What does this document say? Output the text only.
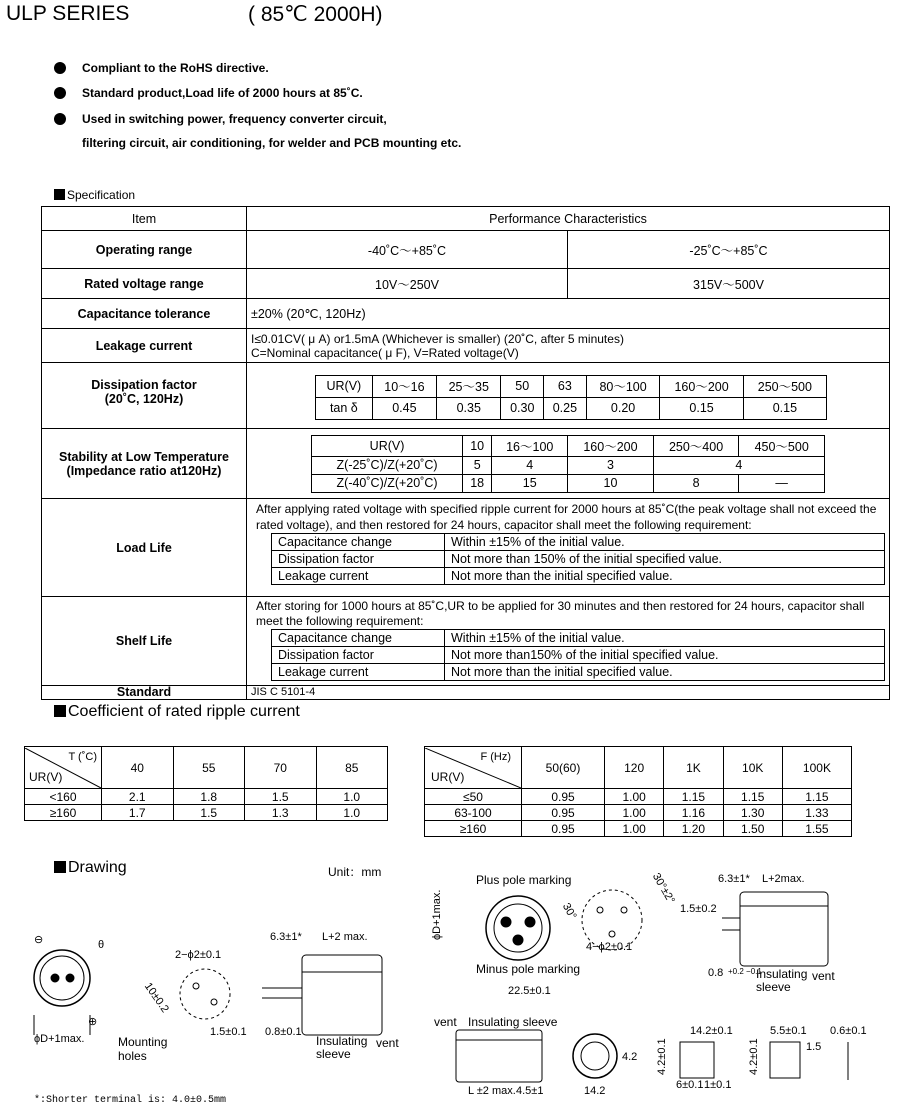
ULP SERIES	( 85℃ 2000H)
Compliant to the RoHS directive.
Standard product,Load life of 2000 hours at 85˚C.
Used in switching power, frequency converter circuit,
filtering circuit, air conditioning, for welder and PCB mounting etc.
Specification
Item	Performance Characteristics
Operating range	-40˚C～+85˚C	-25˚C～+85˚C
Rated voltage range	10V～250V	315V～500V
Capacitance tolerance	±20% (20℃, 120Hz)
Leakage current	I≤0.01CV( μ A) or1.5mA (Whichever is smaller) (20˚C, after 5 minutes)
C=Nominal capacitance( μ F), V=Rated voltage(V)

Dissipation factor
(20˚C, 120Hz)

UR(V)	10～16	25～35	50	63	80～100	160～200	250～500
tan δ	0.45	0.35	0.30	0.25	0.20	0.15	0.15

Stability at Low Temperature
(Impedance ratio at120Hz)

UR(V)	10	16～100	160～200	250～400	450～500
Z(-25˚C)/Z(+20˚C)	5	4	3	4
Z(-40˚C)/Z(+20˚C)	18	15	10	8	—

Load Life	
After applying rated voltage with specified ripple current for 2000 hours at 85˚C(the peak voltage shall not exceed the rated voltage), and then restored for 24 hours, capacitor shall meet the following requirement:
Capacitance change	Within ±15% of the initial value.
Dissipation factor	Not more than 150% of the initial specified value.
Leakage current	Not more than the initial specified value.

Shelf Life	
After storing for 1000 hours at 85˚C,UR to be applied for 30 minutes and then restored for 24 hours, capacitor shall meet the following requirement:
Capacitance change	Within ±15% of the initial value.
Dissipation factor	Not more than150% of the initial specified value.
Leakage current	Not more than the initial specified value.

Standard	JIS C 5101-4
Coefficient of rated ripple current
T (˚C)
UR(V)	40	55	70	85
<160	2.1	1.8	1.5	1.0
≥160	1.7	1.5	1.3	1.0
F (Hz)
UR(V)	50(60)	120	1K	10K	100K
≤50	0.95	1.00	1.15	1.15	1.15
63-100	0.95	1.00	1.16	1.30	1.33
≥160	0.95	1.00	1.20	1.50	1.55
Drawing	Unit：mm
⊖
⊕
θ
ϕD+1max.
2−ϕ2±0.1
10±0.2
1.5±0.1
Mounting
holes
6.3±1* L+2 max.
0.8±0.1
Insulating
sleeve
vent
Plus pole marking
Minus pole marking
ϕD+1max.
22.5±0.1
30°
30°±2°
4−ϕ2±0.1
6.3±1* L+2max.
1.5±0.2
0.8 +0.2 −0.1
Insulating
sleeve
vent
vent Insulating sleeve
L ±2 max. 4.5±1
4.2
14.2
14.2±0.1
4.2±0.1
6±0.1 1±0.1
5.5±0.1
1.5
4.2±0.1
0.6±0.1
*:Shorter terminal is: 4.0±0.5mm
